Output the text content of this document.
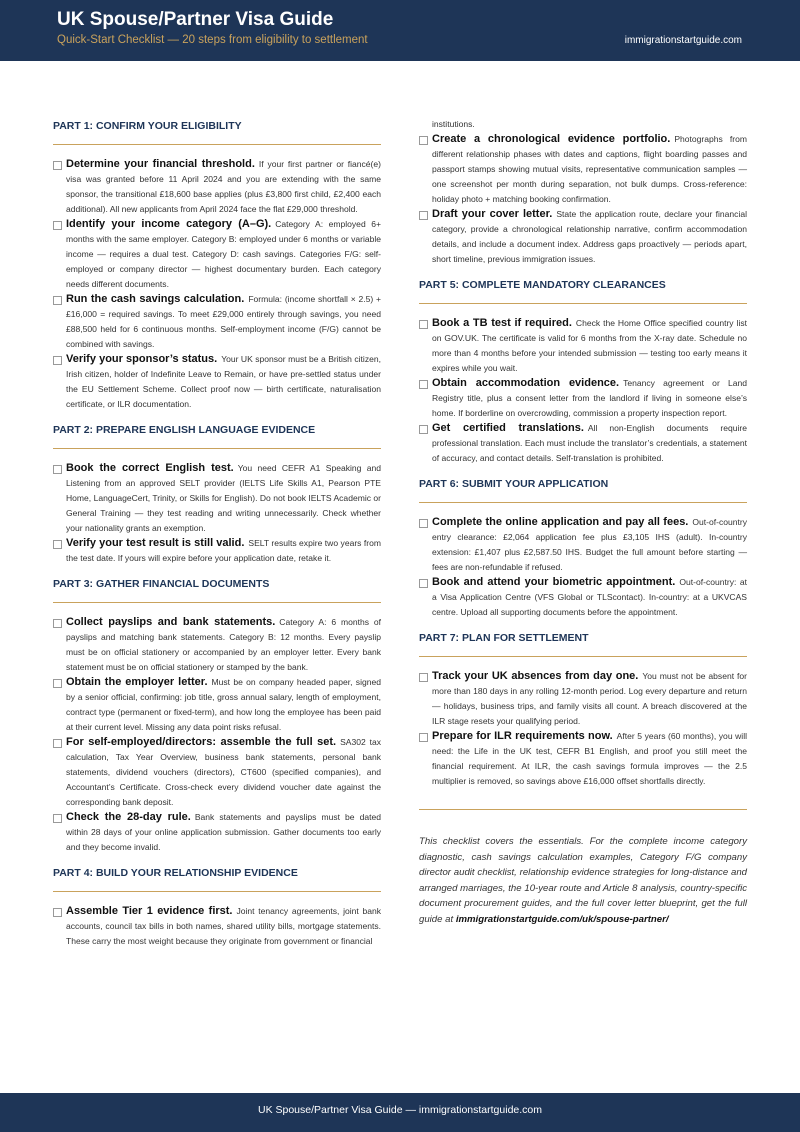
UK Spouse/Partner Visa Guide
Quick-Start Checklist — 20 steps from eligibility to settlement	immigrationstartguide.com
PART 1: CONFIRM YOUR ELIGIBILITY
Determine your financial threshold. If your first partner or fiancé(e) visa was granted before 11 April 2024 and you are extending with the same sponsor, the transitional £18,600 base applies (plus £3,800 first child, £2,400 each additional). All new applicants from April 2024 face the flat £29,000 threshold.
Identify your income category (A–G). Category A: employed 6+ months with the same employer. Category B: employed under 6 months or variable income — requires a dual test. Category D: cash savings. Categories F/G: self-employed or company director — highest documentary burden. Each category needs different documents.
Run the cash savings calculation. Formula: (income shortfall × 2.5) + £16,000 = required savings. To meet £29,000 entirely through savings, you need £88,500 held for 6 continuous months. Self-employment income (F/G) cannot be combined with savings.
Verify your sponsor’s status. Your UK sponsor must be a British citizen, Irish citizen, holder of Indefinite Leave to Remain, or have pre-settled status under the EU Settlement Scheme. Collect proof now — birth certificate, naturalisation certificate, or ILR documentation.
PART 2: PREPARE ENGLISH LANGUAGE EVIDENCE
Book the correct English test. You need CEFR A1 Speaking and Listening from an approved SELT provider (IELTS Life Skills A1, Pearson PTE Home, LanguageCert, Trinity, or Skills for English). Do not book IELTS Academic or General Training — they test reading and writing unnecessarily. Check whether your nationality grants an exemption.
Verify your test result is still valid. SELT results expire two years from the test date. If yours will expire before your application date, retake it.
PART 3: GATHER FINANCIAL DOCUMENTS
Collect payslips and bank statements. Category A: 6 months of payslips and matching bank statements. Category B: 12 months. Every payslip must be on official stationery or accompanied by an employer letter. Every bank statement must be on official stationery or stamped by the bank.
Obtain the employer letter. Must be on company headed paper, signed by a senior official, confirming: job title, gross annual salary, length of employment, contract type (permanent or fixed-term), and how long the employee has been paid at their current level. Missing any data point risks refusal.
For self-employed/directors: assemble the full set. SA302 tax calculation, Tax Year Overview, business bank statements, personal bank statements, dividend vouchers (directors), CT600 (specified companies), and Accountant’s Certificate. Cross-check every dividend voucher date against the corresponding bank deposit.
Check the 28-day rule. Bank statements and payslips must be dated within 28 days of your online application submission. Gather documents too early and they become invalid.
PART 4: BUILD YOUR RELATIONSHIP EVIDENCE
Assemble Tier 1 evidence first. Joint tenancy agreements, joint bank accounts, council tax bills in both names, shared utility bills, mortgage statements. These carry the most weight because they originate from government or financial
institutions.
Create a chronological evidence portfolio. Photographs from different relationship phases with dates and captions, flight boarding passes and passport stamps showing mutual visits, representative communication samples — one screenshot per month during separation, not bulk dumps. Cross-reference: holiday photo + matching booking confirmation.
Draft your cover letter. State the application route, declare your financial category, provide a chronological relationship narrative, confirm accommodation details, and include a document index. Address gaps proactively — periods apart, short timeline, previous immigration issues.
PART 5: COMPLETE MANDATORY CLEARANCES
Book a TB test if required. Check the Home Office specified country list on GOV.UK. The certificate is valid for 6 months from the X-ray date. Schedule no more than 4 months before your intended submission — testing too early means it expires while you wait.
Obtain accommodation evidence. Tenancy agreement or Land Registry title, plus a consent letter from the landlord if living in someone else’s home. If borderline on overcrowding, commission a property inspection report.
Get certified translations. All non-English documents require professional translation. Each must include the translator’s credentials, a statement of accuracy, and contact details. Self-translation is prohibited.
PART 6: SUBMIT YOUR APPLICATION
Complete the online application and pay all fees. Out-of-country entry clearance: £2,064 application fee plus £3,105 IHS (adult). In-country extension: £1,407 plus £2,587.50 IHS. Budget the full amount before starting — fees are non-refundable if refused.
Book and attend your biometric appointment. Out-of-country: at a Visa Application Centre (VFS Global or TLScontact). In-country: at a UKVCAS centre. Upload all supporting documents before the appointment.
PART 7: PLAN FOR SETTLEMENT
Track your UK absences from day one. You must not be absent for more than 180 days in any rolling 12-month period. Log every departure and return — holidays, business trips, and family visits all count. A breach discovered at the ILR stage resets your qualifying period.
Prepare for ILR requirements now. After 5 years (60 months), you will need: the Life in the UK test, CEFR B1 English, and proof you still meet the financial requirement. At ILR, the cash savings formula improves — the 2.5 multiplier is removed, so savings above £16,000 offset shortfalls directly.
This checklist covers the essentials. For the complete income category diagnostic, cash savings calculation examples, Category F/G company director audit checklist, relationship evidence strategies for long-distance and arranged marriages, the 10-year route and Article 8 analysis, country-specific document procurement guides, and the full cover letter blueprint, get the full guide at immigrationstartguide.com/uk/spouse-partner/
UK Spouse/Partner Visa Guide — immigrationstartguide.com
